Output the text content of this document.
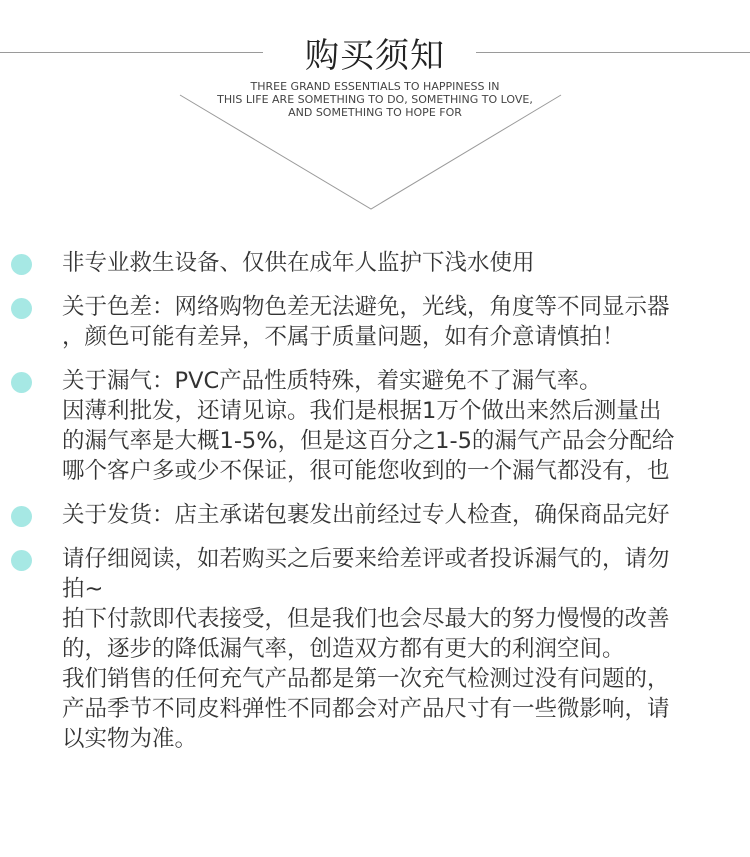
购买须知
THREE GRAND ESSENTIALS TO HAPPINESS IN
THIS LIFE ARE SOMETHING TO DO, SOMETHING TO LOVE,
AND SOMETHING TO HOPE FOR
非专业救生设备、仅供在成年人监护下浅水使用
关于色差：网络购物色差无法避免，光线，角度等不同显示器
，颜色可能有差异，不属于质量问题，如有介意请慎拍！
关于漏气：PVC产品性质特殊，着实避免不了漏气率。
因薄利批发，还请见谅。我们是根据1万个做出来然后测量出
的漏气率是大概1-5%，但是这百分之1-5的漏气产品会分配给
哪个客户多或少不保证，很可能您收到的一个漏气都没有，也
关于发货：店主承诺包裹发出前经过专人检查，确保商品完好
请仔细阅读，如若购买之后要来给差评或者投诉漏气的，请勿
拍~
拍下付款即代表接受，但是我们也会尽最大的努力慢慢的改善
的，逐步的降低漏气率，创造双方都有更大的利润空间。
我们销售的任何充气产品都是第一次充气检测过没有问题的，
产品季节不同皮料弹性不同都会对产品尺寸有一些微影响，请
以实物为准。
